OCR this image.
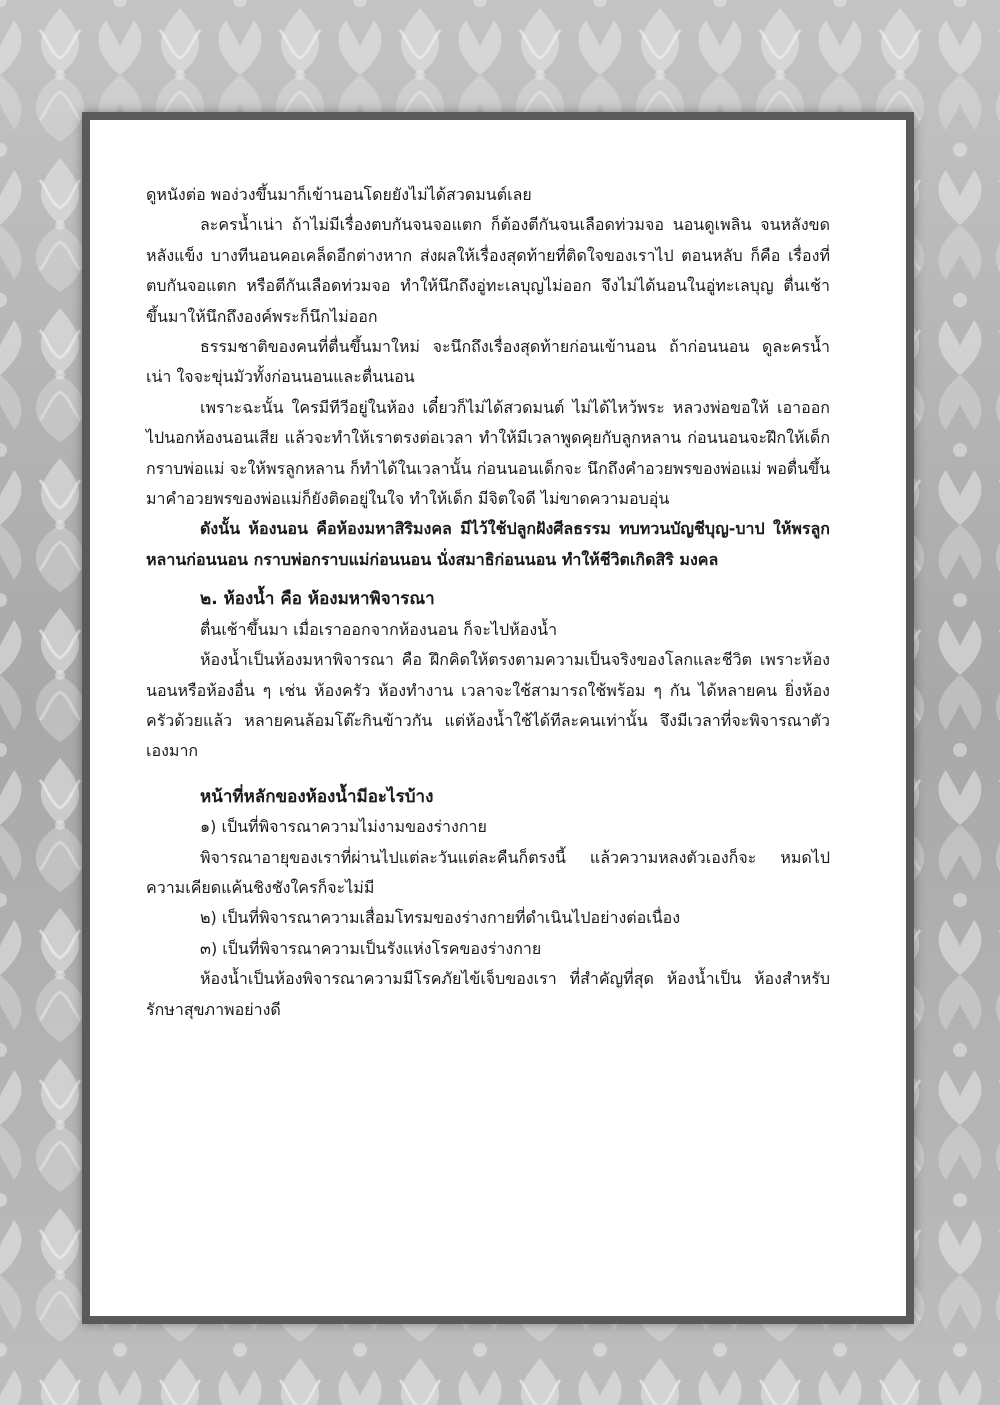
ดูหนังต่อ พอง่วงขึ้นมาก็เข้านอนโดยยังไม่ได้สวดมนต์เลย

ละครน้ำเน่า ถ้าไม่มีเรื่องตบกันจนจอแตก ก็ต้องตีกันจนเลือดท่วมจอ นอนดูเพลิน จนหลังขดหลังแข็ง บางทีนอนคอเคล็ดอีกต่างหาก ส่งผลให้เรื่องสุดท้ายที่ติดใจของเราไป ตอนหลับ ก็คือ เรื่องที่ตบกันจอแตก หรือตีกันเลือดท่วมจอ ทำให้นึกถึงอู่ทะเลบุญไม่ออก จึงไม่ได้นอนในอู่ทะเลบุญ ตื่นเช้าขึ้นมาให้นึกถึงองค์พระก็นึกไม่ออก

ธรรมชาติของคนที่ตื่นขึ้นมาใหม่ จะนึกถึงเรื่องสุดท้ายก่อนเข้านอน ถ้าก่อนนอน ดูละครน้ำเน่า ใจจะขุ่นมัวทั้งก่อนนอนและตื่นนอน

เพราะฉะนั้น ใครมีทีวีอยู่ในห้อง เดี๋ยวก็ไม่ได้สวดมนต์ ไม่ได้ไหว้พระ หลวงพ่อขอให้ เอาออกไปนอกห้องนอนเสีย แล้วจะทำให้เราตรงต่อเวลา ทำให้มีเวลาพูดคุยกับลูกหลาน ก่อนนอนจะฝึกให้เด็กกราบพ่อแม่ จะให้พรลูกหลาน ก็ทำได้ในเวลานั้น ก่อนนอนเด็กจะ นึกถึงคำอวยพรของพ่อแม่ พอตื่นขึ้นมาคำอวยพรของพ่อแม่ก็ยังติดอยู่ในใจ ทำให้เด็ก มีจิตใจดี ไม่ขาดความอบอุ่น

ดังนั้น ห้องนอน คือห้องมหาสิริมงคล มีไว้ใช้ปลูกฝังศีลธรรม ทบทวนบัญชีบุญ-บาป ให้พรลูกหลานก่อนนอน กราบพ่อกราบแม่ก่อนนอน นั่งสมาธิก่อนนอน ทำให้ชีวิตเกิดสิริ มงคล

๒. ห้องน้ำ คือ ห้องมหาพิจารณา

ตื่นเช้าขึ้นมา เมื่อเราออกจากห้องนอน ก็จะไปห้องน้ำ

ห้องน้ำเป็นห้องมหาพิจารณา คือ ฝึกคิดให้ตรงตามความเป็นจริงของโลกและชีวิต เพราะห้องนอนหรือห้องอื่น ๆ เช่น ห้องครัว ห้องทำงาน เวลาจะใช้สามารถใช้พร้อม ๆ กัน ได้หลายคน ยิ่งห้องครัวด้วยแล้ว หลายคนล้อมโต๊ะกินข้าวกัน แต่ห้องน้ำใช้ได้ทีละคนเท่านั้น จึงมีเวลาที่จะพิจารณาตัวเองมาก

หน้าที่หลักของห้องน้ำมีอะไรบ้าง

๑) เป็นที่พิจารณาความไม่งามของร่างกาย

พิจารณาอายุของเราที่ผ่านไปแต่ละวันแต่ละคืนก็ตรงนี้ แล้วความหลงตัวเองก็จะ หมดไป ความเคียดแค้นชิงชังใครก็จะไม่มี

๒) เป็นที่พิจารณาความเสื่อมโทรมของร่างกายที่ดำเนินไปอย่างต่อเนื่อง

๓) เป็นที่พิจารณาความเป็นรังแห่งโรคของร่างกาย

ห้องน้ำเป็นห้องพิจารณาความมีโรคภัยไข้เจ็บของเรา ที่สำคัญที่สุด ห้องน้ำเป็น ห้องสำหรับรักษาสุขภาพอย่างดี
